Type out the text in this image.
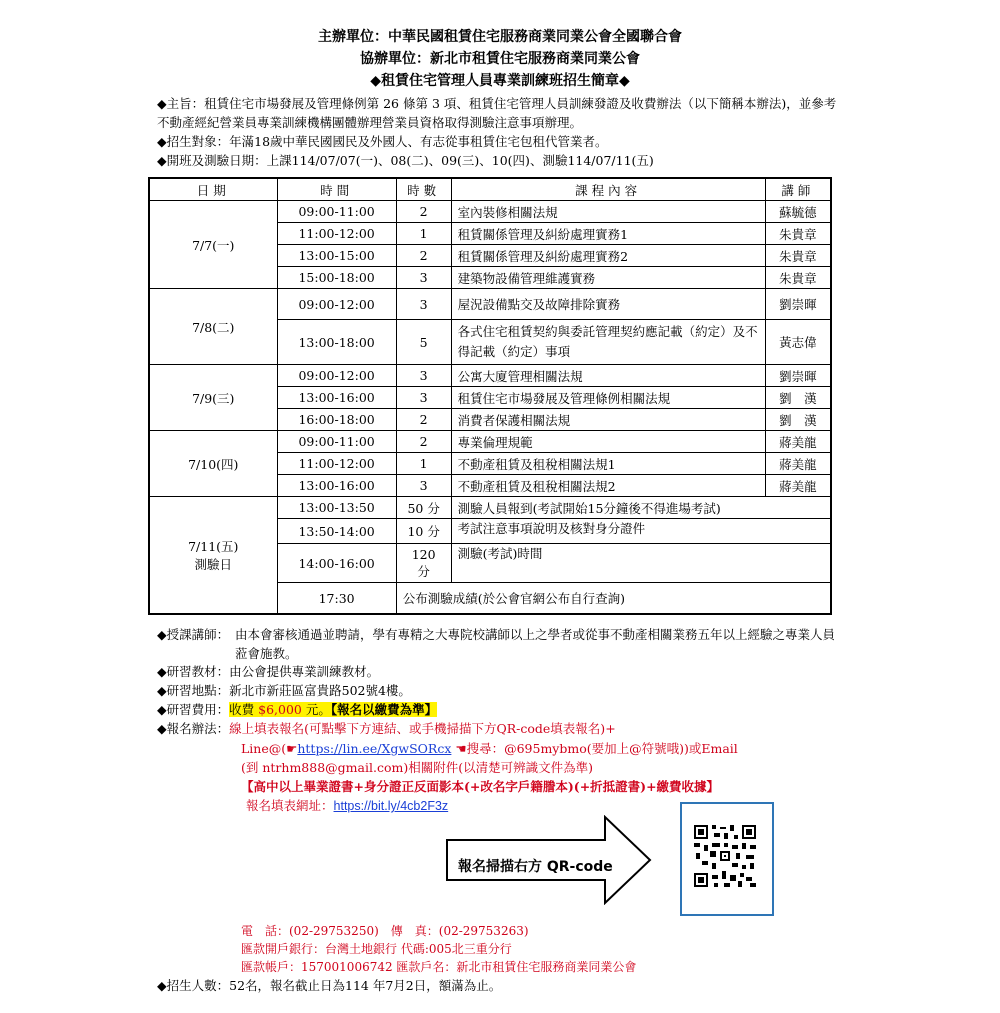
主辦單位：中華民國租賃住宅服務商業同業公會全國聯合會
協辦單位：新北市租賃住宅服務商業同業公會
◆租賃住宅管理人員專業訓練班招生簡章◆
◆主旨：租賃住宅市場發展及管理條例第 26 條第 3 項、租賃住宅管理人員訓練發證及收費辦法（以下簡稱本辦法)，並參考不動產經紀營業員專業訓練機構團體辦理營業員資格取得測驗注意事項辦理。
◆招生對象：年滿18歲中華民國國民及外國人、有志從事租賃住宅包租代管業者。
◆開班及測驗日期：上課114/07/07(一)、08(二)、09(三)、10(四)、測驗114/07/11(五)
日期	時間	時數	課程內容	講師
7/7(一)	09:00-11:00	2	室內裝修相關法規	蘇毓德
	11:00-12:00	1	租賃關係管理及糾紛處理實務1	朱貴章
	13:00-15:00	2	租賃關係管理及糾紛處理實務2	朱貴章
	15:00-18:00	3	建築物設備管理維護實務	朱貴章
7/8(二)	09:00-12:00	3	屋況設備點交及故障排除實務	劉崇暉
	13:00-18:00	5	各式住宅租賃契約與委託管理契約應記載（約定）及不得記載（約定）事項	黃志偉
7/9(三)	09:00-12:00	3	公寓大廈管理相關法規	劉崇暉
	13:00-16:00	3	租賃住宅市場發展及管理條例相關法規	劉　漢
	16:00-18:00	2	消費者保護相關法規	劉　漢
7/10(四)	09:00-11:00	2	專業倫理規範	蔣美龍
	11:00-12:00	1	不動產租賃及租稅相關法規1	蔣美龍
	13:00-16:00	3	不動產租賃及租稅相關法規2	蔣美龍

7/11(五)
測驗日	13:00-13:50	50 分	測驗人員報到(考試開始15分鐘後不得進場考試)	
	13:50-14:00	10 分	考試注意事項說明及核對身分證件	
	14:00-16:00	120 分	測驗(考試)時間	
	17:30	公布測驗成績(於公會官網公布自行查詢)		
◆授課講師： 由本會審核通過並聘請，學有專精之大專院校講師以上之學者或從事不動產相關業務五年以上經驗之專業人員蒞會施教。
◆研習教材：由公會提供專業訓練教材。
◆研習地點：新北市新莊區富貴路502號4樓。
◆研習費用：收費 $6,000 元。【報名以繳費為準】
◆報名辦法：線上填表報名(可點擊下方連結、或手機掃描下方QR-code填表報名)+
Line@(☛https://lin.ee/XgwSORcx ☚搜尋：@695mybmo(要加上@符號哦))或Email
(到 ntrhm888@gmail.com)相關附件(以清楚可辨識文件為準)
【高中以上畢業證書+身分證正反面影本(+改名字戶籍謄本)(+折抵證書)+繳費收據】
報名填表網址：https://bit.ly/4cb2F3z
報名掃描右方 QR-code
電　話：(02-29753250)　傳　真：(02-29753263)
匯款開戶銀行：台灣土地銀行 代碼:005北三重分行
匯款帳戶：157001006742 匯款戶名：新北市租賃住宅服務商業同業公會
◆招生人數：52名，報名截止日為114 年7月2日，額滿為止。
